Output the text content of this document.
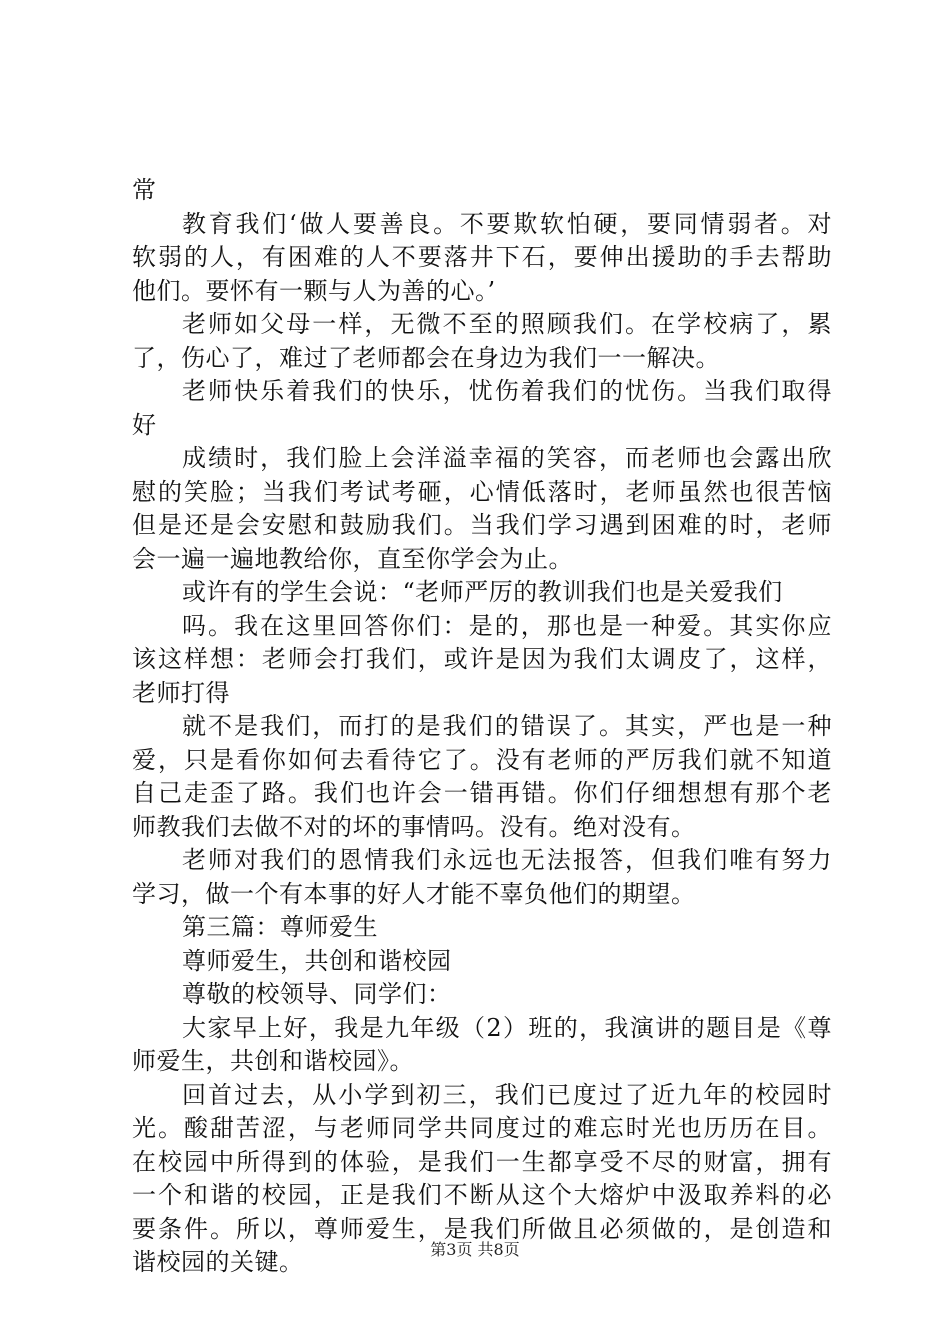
常
教育我们‘做人要善良。不要欺软怕硬，要同情弱者。对
软弱的人，有困难的人不要落井下石，要伸出援助的手去帮助
他们。要怀有一颗与人为善的心。’
老师如父母一样，无微不至的照顾我们。在学校病了，累
了，伤心了，难过了老师都会在身边为我们一一解决。
老师快乐着我们的快乐，忧伤着我们的忧伤。当我们取得
好
成绩时，我们脸上会洋溢幸福的笑容，而老师也会露出欣
慰的笑脸；当我们考试考砸，心情低落时，老师虽然也很苦恼
但是还是会安慰和鼓励我们。当我们学习遇到困难的时，老师
会一遍一遍地教给你，直至你学会为止。
或许有的学生会说：“老师严厉的教训我们也是关爱我们
吗。我在这里回答你们：是的，那也是一种爱。其实你应
该这样想：老师会打我们，或许是因为我们太调皮了，这样，
老师打得
就不是我们，而打的是我们的错误了。其实，严也是一种
爱，只是看你如何去看待它了。没有老师的严厉我们就不知道
自己走歪了路。我们也许会一错再错。你们仔细想想有那个老
师教我们去做不对的坏的事情吗。没有。绝对没有。
老师对我们的恩情我们永远也无法报答，但我们唯有努力
学习，做一个有本事的好人才能不辜负他们的期望。
第三篇：尊师爱生
尊师爱生，共创和谐校园
尊敬的校领导、同学们：
大家早上好，我是九年级（2）班的，我演讲的题目是《尊
师爱生，共创和谐校园》。
回首过去，从小学到初三，我们已度过了近九年的校园时
光。酸甜苦涩，与老师同学共同度过的难忘时光也历历在目。
在校园中所得到的体验，是我们一生都享受不尽的财富，拥有
一个和谐的校园，正是我们不断从这个大熔炉中汲取养料的必
要条件。所以，尊师爱生，是我们所做且必须做的，是创造和
谐校园的关键。	第3页 共8页
